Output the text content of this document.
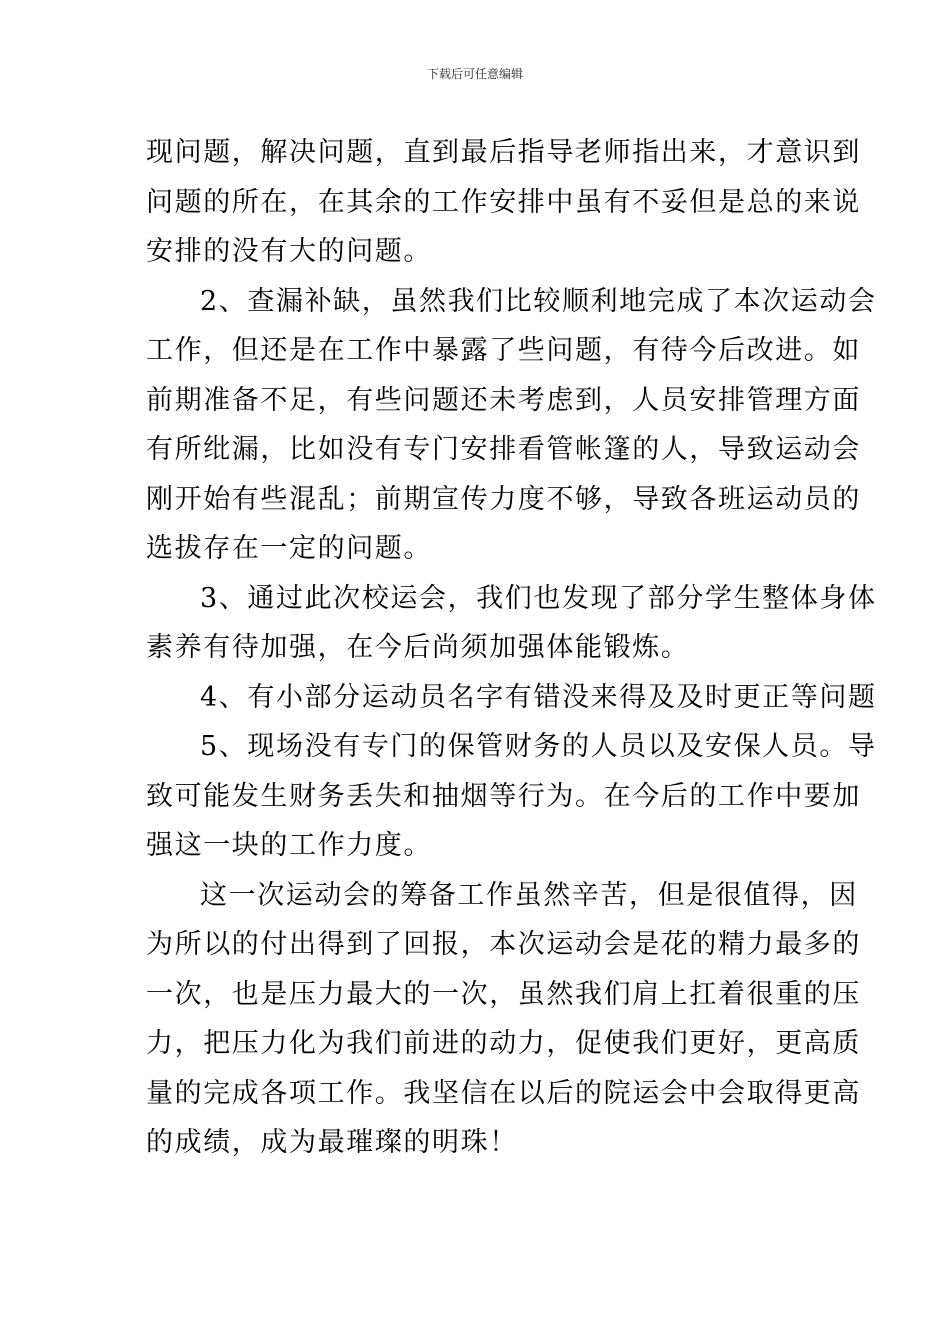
下载后可任意编辑

现问题，解决问题，直到最后指导老师指出来，才意识到
问题的所在，在其余的工作安排中虽有不妥但是总的来说
安排的没有大的问题。

2、查漏补缺，虽然我们比较顺利地完成了本次运动会
工作，但还是在工作中暴露了些问题，有待今后改进。如
前期准备不足，有些问题还未考虑到，人员安排管理方面
有所纰漏，比如没有专门安排看管帐篷的人，导致运动会
刚开始有些混乱；前期宣传力度不够，导致各班运动员的
选拔存在一定的问题。

3、通过此次校运会，我们也发现了部分学生整体身体
素养有待加强，在今后尚须加强体能锻炼。

4、有小部分运动员名字有错没来得及及时更正等问题

5、现场没有专门的保管财务的人员以及安保人员。导
致可能发生财务丢失和抽烟等行为。在今后的工作中要加
强这一块的工作力度。

这一次运动会的筹备工作虽然辛苦，但是很值得，因
为所以的付出得到了回报，本次运动会是花的精力最多的
一次，也是压力最大的一次，虽然我们肩上扛着很重的压
力，把压力化为我们前进的动力，促使我们更好，更高质
量的完成各项工作。我坚信在以后的院运会中会取得更高
的成绩，成为最璀璨的明珠！
